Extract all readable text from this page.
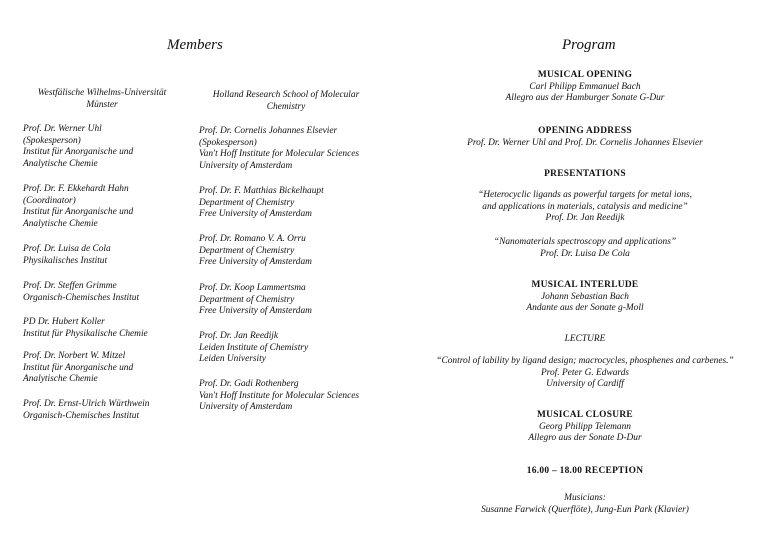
Members	Program
Westfälische Wilhelms-Universität
Münster
Holland Research School of Molecular
Chemistry
Prof. Dr. Werner Uhl
(Spokesperson)
Institut für Anorganische und
Analytische Chemie
Prof. Dr. F. Ekkehardt Hahn
(Coordinator)
Institut für Anorganische und
Analytische Chemie
Prof. Dr. Luisa de Cola
Physikalisches Institut
Prof. Dr. Steffen Grimme
Organisch-Chemisches Institut
PD Dr. Hubert Koller
Institut für Physikalische Chemie
Prof. Dr. Norbert W. Mitzel
Institut für Anorganische und
Analytische Chemie
Prof. Dr. Ernst-Ulrich Würthwein
Organisch-Chemisches Institut
Prof. Dr. Cornelis Johannes Elsevier
(Spokesperson)
Van't Hoff Institute for Molecular Sciences
University of Amsterdam
Prof. Dr. F. Matthias Bickelhaupt
Department of Chemistry
Free University of Amsterdam
Prof. Dr. Romano V. A. Orru
Department of Chemistry
Free University of Amsterdam
Prof. Dr. Koop Lammertsma
Department of Chemistry
Free University of Amsterdam
Prof. Dr. Jan Reedijk
Leiden Institute of Chemistry
Leiden University
Prof. Dr. Gadi Rothenberg
Van't Hoff Institute for Molecular Sciences
University of Amsterdam
MUSICAL OPENING
Carl Philipp Emmanuel Bach
Allegro aus der Hamburger Sonate G-Dur
OPENING ADDRESS
Prof. Dr. Werner Uhl and Prof. Dr. Cornelis Johannes Elsevier
PRESENTATIONS
“Heterocyclic ligands as powerful targets for metal ions,
and applications in materials, catalysis and medicine”
Prof. Dr. Jan Reedijk
“Nanomaterials spectroscopy and applications”
Prof. Dr. Luisa De Cola
MUSICAL INTERLUDE
Johann Sebastian Bach
Andante aus der Sonate g-Moll
LECTURE
“Control of lability by ligand design; macrocycles, phosphenes and carbenes.”
Prof. Peter G. Edwards
University of Cardiff
MUSICAL CLOSURE
Georg Philipp Telemann
Allegro aus der Sonate D-Dur
16.00 – 18.00 RECEPTION
Musicians:
Susanne Farwick (Querflöte), Jung-Eun Park (Klavier)
